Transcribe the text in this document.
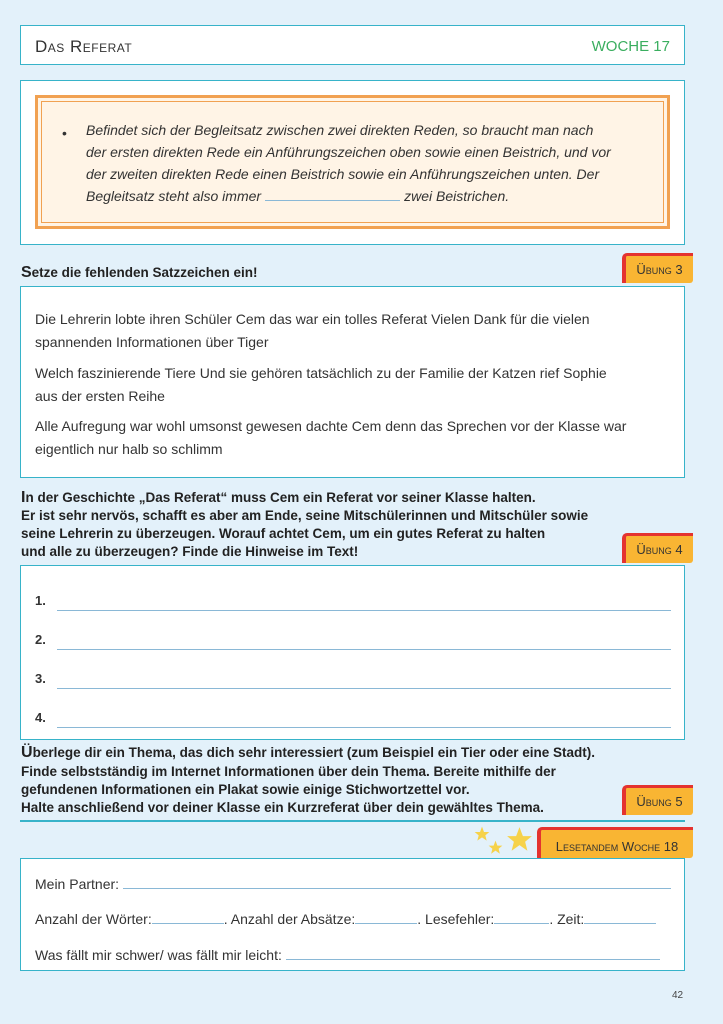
Das Referat	WOCHE 17
• Befindet sich der Begleitsatz zwischen zwei direkten Reden, so braucht man nach
der ersten direkten Rede ein Anführungszeichen oben sowie einen Beistrich, und vor
der zweiten direkten Rede einen Beistrich sowie ein Anführungszeichen unten. Der
Begleitsatz steht also immer	zwei Beistrichen.
Setze die fehlenden Satzzeichen ein!	Übung 3
Die Lehrerin lobte ihren Schüler Cem das war ein tolles Referat Vielen Dank für die vielen
spannenden Informationen über Tiger
Welch faszinierende Tiere Und sie gehören tatsächlich zu der Familie der Katzen rief Sophie
aus der ersten Reihe
Alle Aufregung war wohl umsonst gewesen dachte Cem denn das Sprechen vor der Klasse war
eigentlich nur halb so schlimm
In der Geschichte „Das Referat“ muss Cem ein Referat vor seiner Klasse halten.
Er ist sehr nervös, schafft es aber am Ende, seine Mitschülerinnen und Mitschüler sowie
seine Lehrerin zu überzeugen. Worauf achtet Cem, um ein gutes Referat zu halten
und alle zu überzeugen? Finde die Hinweise im Text!	Übung 4
1.
2.
3.
4.
Überlege dir ein Thema, das dich sehr interessiert (zum Beispiel ein Tier oder eine Stadt).
Finde selbstständig im Internet Informationen über dein Thema. Bereite mithilfe der
gefundenen Informationen ein Plakat sowie einige Stichwortzettel vor.
Halte anschließend vor deiner Klasse ein Kurzreferat über dein gewähltes Thema.	Übung 5
Lesetandem Woche 18
Mein Partner:
Anzahl der Wörter:	. Anzahl der Absätze:	. Lesefehler:	. Zeit:
Was fällt mir schwer/ was fällt mir leicht:
42
